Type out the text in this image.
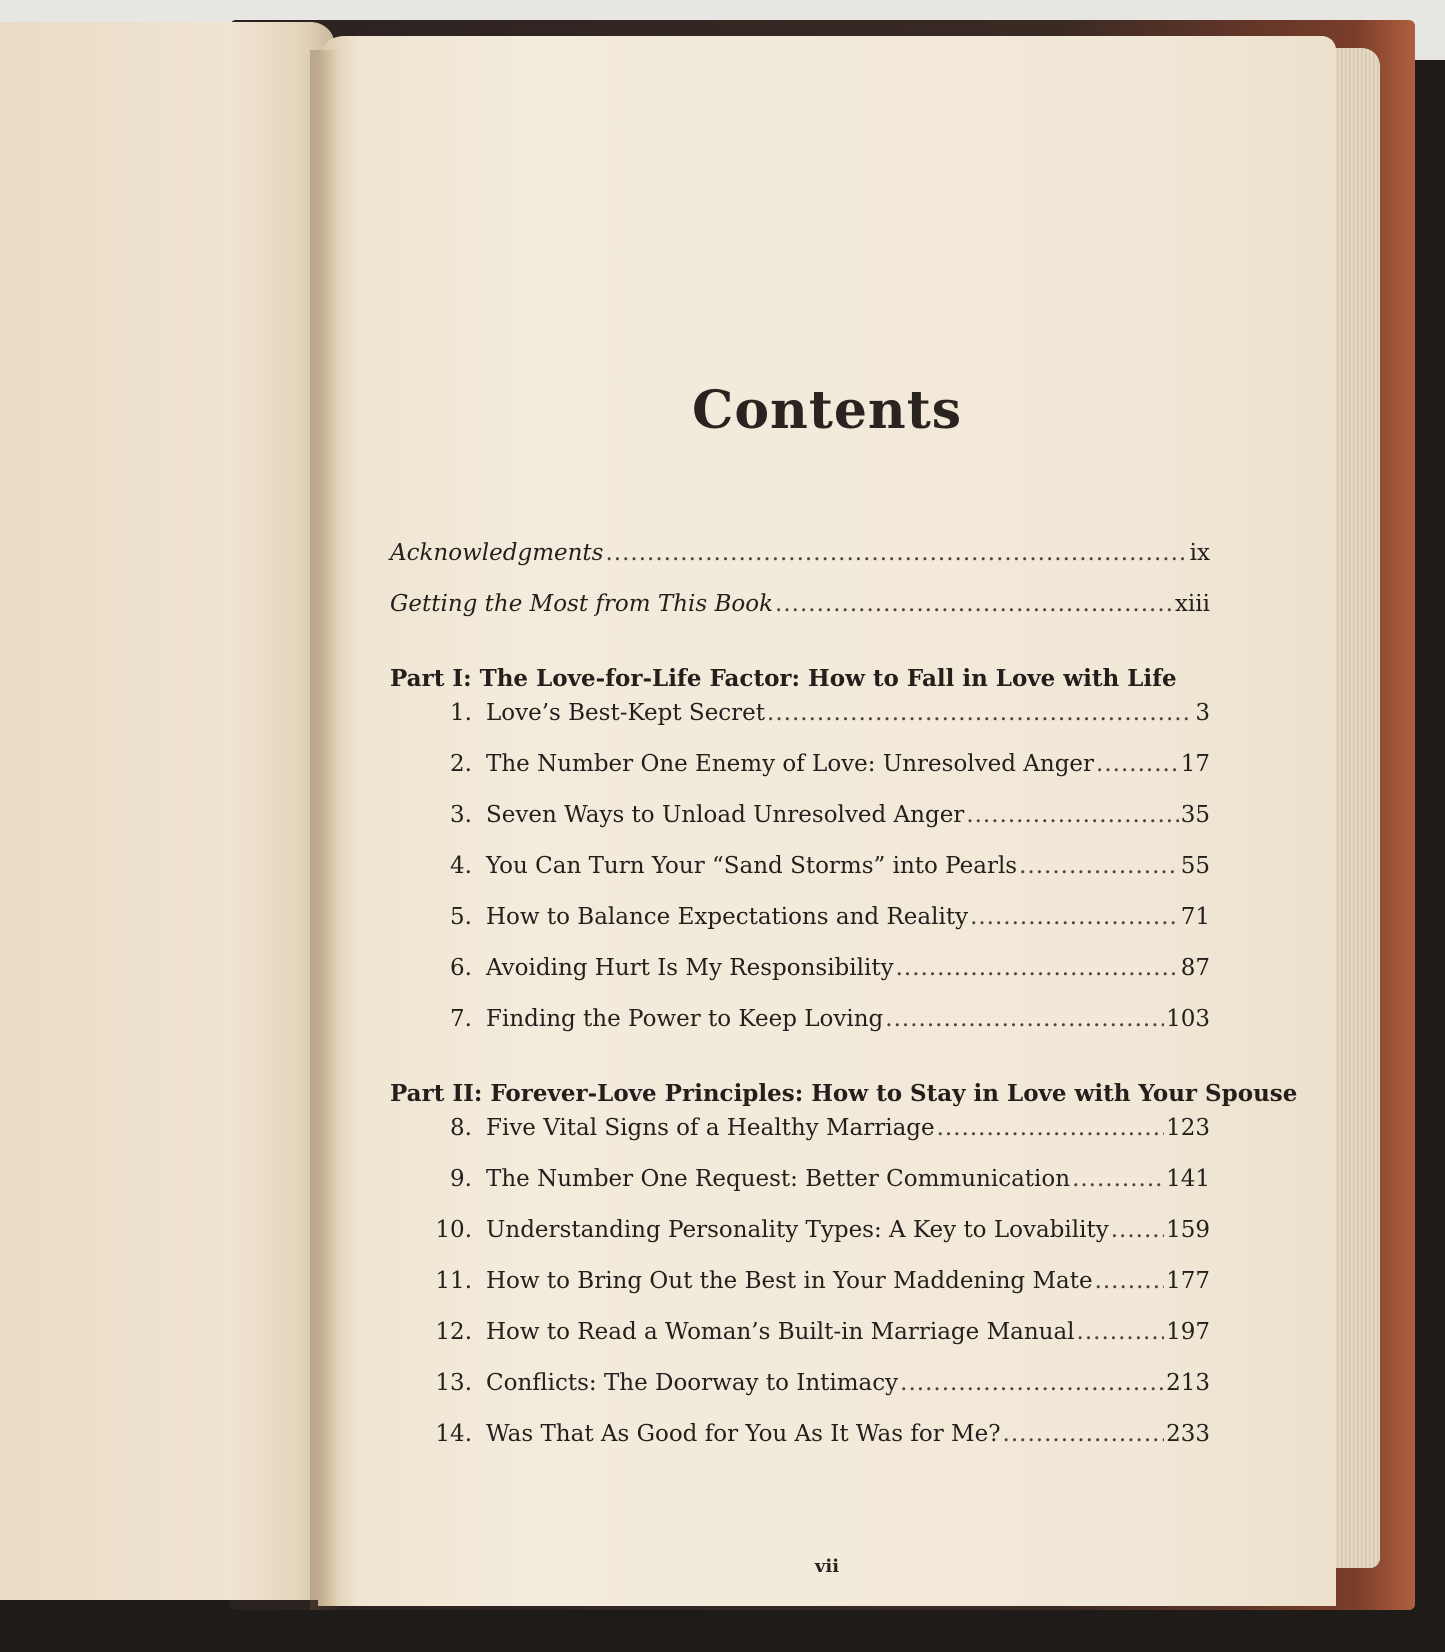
Contents
Acknowledgments .....	ix
Getting the Most from This Book .....	xiii
Part I: The Love-for-Life Factor: How to Fall in Love with Life
1. Love’s Best-Kept Secret .....	3
2. The Number One Enemy of Love: Unresolved Anger .....	17
3. Seven Ways to Unload Unresolved Anger .....	35
4. You Can Turn Your “Sand Storms” into Pearls .....	55
5. How to Balance Expectations and Reality .....	71
6. Avoiding Hurt Is My Responsibility .....	87
7. Finding the Power to Keep Loving .....	103
Part II: Forever-Love Principles: How to Stay in Love with Your Spouse
8. Five Vital Signs of a Healthy Marriage .....	123
9. The Number One Request: Better Communication .....	141
10. Understanding Personality Types: A Key to Lovability ..... 159
11. How to Bring Out the Best in Your Maddening Mate .....	177
12. How to Read a Woman’s Built-in Marriage Manual .....	197
13. Conflicts: The Doorway to Intimacy .....	213
14. Was That As Good for You As It Was for Me? .....	233
vii
